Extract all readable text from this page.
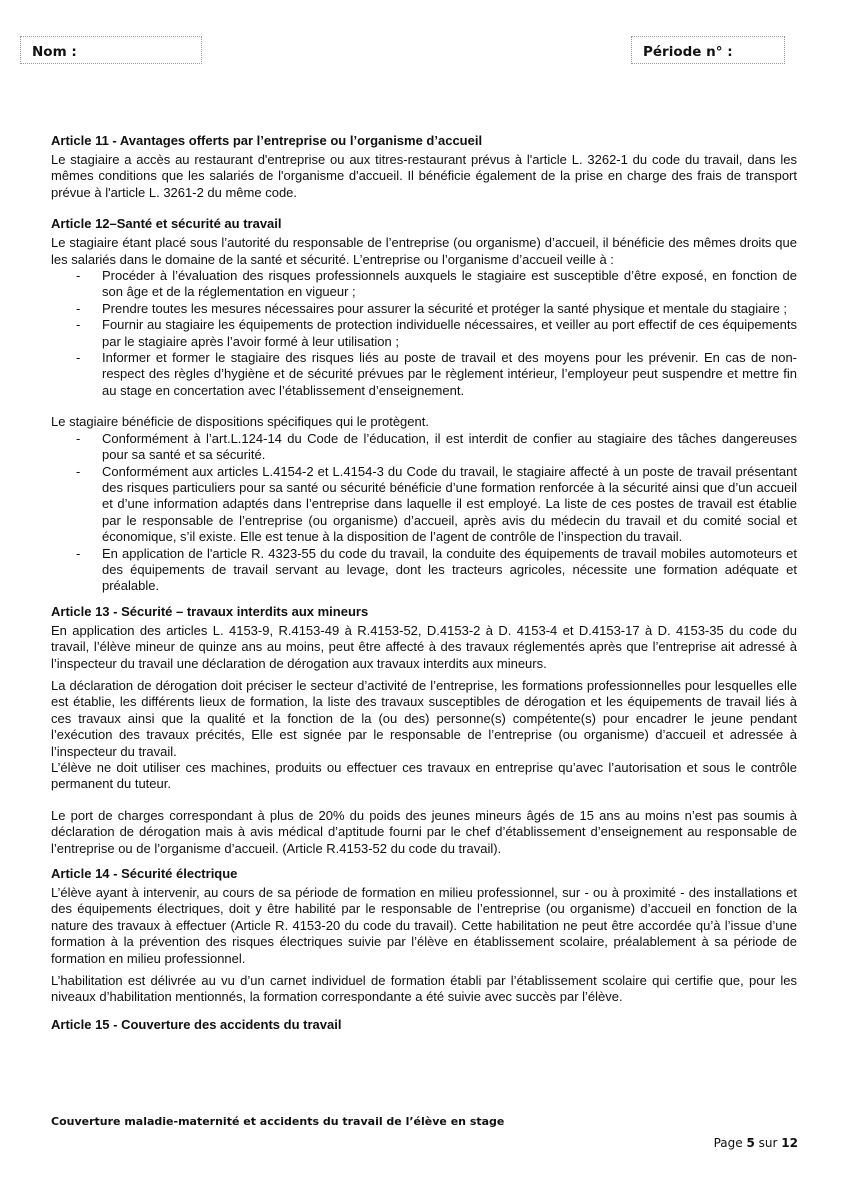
Nom :	Période n° :
Article 11 - Avantages offerts par l’entreprise ou l’organisme d’accueil

Le stagiaire a accès au restaurant d'entreprise ou aux titres-restaurant prévus à l'article L. 3262-1 du code du travail, dans les mêmes conditions que les salariés de l'organisme d'accueil. Il bénéficie également de la prise en charge des frais de transport prévue à l'article L. 3261-2 du même code.

Article 12–Santé et sécurité au travail

Le stagiaire étant placé sous l’autorité du responsable de l’entreprise (ou organisme) d’accueil, il bénéficie des mêmes droits que les salariés dans le domaine de la santé et sécurité. L’entreprise ou l’organisme d’accueil veille à :

- Procéder à l’évaluation des risques professionnels auxquels le stagiaire est susceptible d’être exposé, en fonction de son âge et de la réglementation en vigueur ;
- Prendre toutes les mesures nécessaires pour assurer la sécurité et protéger la santé physique et mentale du stagiaire ;
- Fournir au stagiaire les équipements de protection individuelle nécessaires, et veiller au port effectif de ces équipements par le stagiaire après l’avoir formé à leur utilisation ;
- Informer et former le stagiaire des risques liés au poste de travail et des moyens pour les prévenir. En cas de non-respect des règles d’hygiène et de sécurité prévues par le règlement intérieur, l’employeur peut suspendre et mettre fin au stage en concertation avec l’établissement d’enseignement.

Le stagiaire bénéficie de dispositions spécifiques qui le protègent.

- Conformément à l’art.L.124-14 du Code de l’éducation, il est interdit de confier au stagiaire des tâches dangereuses pour sa santé et sa sécurité.
- Conformément aux articles L.4154-2 et L.4154-3 du Code du travail, le stagiaire affecté à un poste de travail présentant des risques particuliers pour sa santé ou sécurité bénéficie d’une formation renforcée à la sécurité ainsi que d’un accueil et d’une information adaptés dans l’entreprise dans laquelle il est employé. La liste de ces postes de travail est établie par le responsable de l’entreprise (ou organisme) d’accueil, après avis du médecin du travail et du comité social et économique, s’il existe. Elle est tenue à la disposition de l’agent de contrôle de l’inspection du travail.
- En application de l'article R. 4323-55 du code du travail, la conduite des équipements de travail mobiles automoteurs et des équipements de travail servant au levage, dont les tracteurs agricoles, nécessite une formation adéquate et préalable.
Article 13 - Sécurité – travaux interdits aux mineurs

En application des articles L. 4153-9, R.4153-49 à R.4153-52, D.4153-2 à D. 4153-4 et D.4153-17 à D. 4153-35 du code du travail, l’élève mineur de quinze ans au moins, peut être affecté à des travaux réglementés après que l’entreprise ait adressé à l’inspecteur du travail une déclaration de dérogation aux travaux interdits aux mineurs.

La déclaration de dérogation doit préciser le secteur d’activité de l’entreprise, les formations professionnelles pour lesquelles elle est établie, les différents lieux de formation, la liste des travaux susceptibles de dérogation et les équipements de travail liés à ces travaux ainsi que la qualité et la fonction de la (ou des) personne(s) compétente(s) pour encadrer le jeune pendant l’exécution des travaux précités, Elle est signée par le responsable de l’entreprise (ou organisme) d’accueil et adressée à l’inspecteur du travail.

L’élève ne doit utiliser ces machines, produits ou effectuer ces travaux en entreprise qu’avec l’autorisation et sous le contrôle permanent du tuteur.

Le port de charges correspondant à plus de 20% du poids des jeunes mineurs âgés de 15 ans au moins n’est pas soumis à déclaration de dérogation mais à avis médical d’aptitude fourni par le chef d’établissement d’enseignement au responsable de l’entreprise ou de l’organisme d’accueil. (Article R.4153-52 du code du travail).

Article 14 - Sécurité électrique

L’élève ayant à intervenir, au cours de sa période de formation en milieu professionnel, sur - ou à proximité - des installations et des équipements électriques, doit y être habilité par le responsable de l’entreprise (ou organisme) d’accueil en fonction de la nature des travaux à effectuer (Article R. 4153-20 du code du travail). Cette habilitation ne peut être accordée qu’à l’issue d’une formation à la prévention des risques électriques suivie par l’élève en établissement scolaire, préalablement à sa période de formation en milieu professionnel.

L’habilitation est délivrée au vu d’un carnet individuel de formation établi par l’établissement scolaire qui certifie que, pour les niveaux d’habilitation mentionnés, la formation correspondante a été suivie avec succès par l’élève.

Article 15 - Couverture des accidents du travail
Couverture maladie-maternité et accidents du travail de l’élève en stage
Page 5 sur 12
